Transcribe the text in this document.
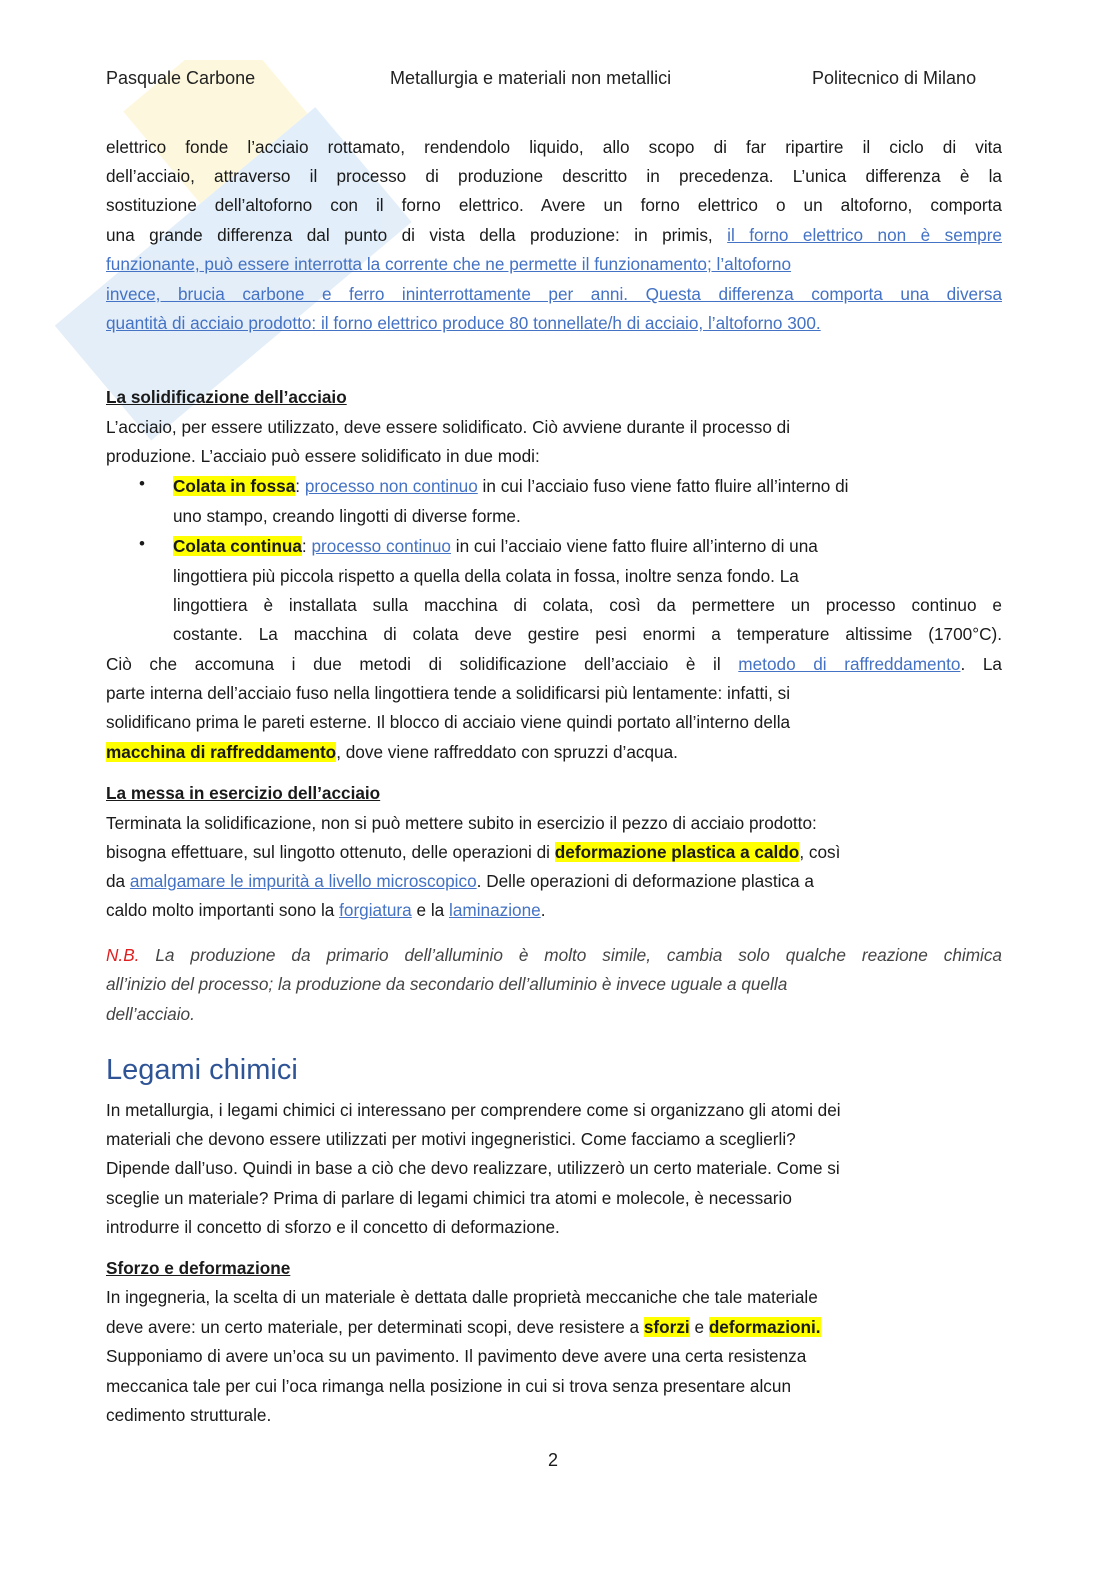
Pasquale Carbone	Metallurgia e materiali non metallici	Politecnico di Milano
elettrico fonde l’acciaio rottamato, rendendolo liquido, allo scopo di far ripartire il ciclo di vita
dell’acciaio, attraverso il processo di produzione descritto in precedenza. L’unica differenza è la
sostituzione dell’altoforno con il forno elettrico. Avere un forno elettrico o un altoforno, comporta
una grande differenza dal punto di vista della produzione: in primis, il forno elettrico non è sempre
funzionante, può essere interrotta la corrente che ne permette il funzionamento; l’altoforno
invece, brucia carbone e ferro ininterrottamente per anni. Questa differenza comporta una diversa
quantità di acciaio prodotto: il forno elettrico produce 80 tonnellate/h di acciaio, l’altoforno 300.
La solidificazione dell’acciaio
L’acciaio, per essere utilizzato, deve essere solidificato. Ciò avviene durante il processo di
produzione. L’acciaio può essere solidificato in due modi:
• Colata in fossa: processo non continuo in cui l’acciaio fuso viene fatto fluire all’interno di
uno stampo, creando lingotti di diverse forme.
• Colata continua: processo continuo in cui l’acciaio viene fatto fluire all’interno di una
lingottiera più piccola rispetto a quella della colata in fossa, inoltre senza fondo. La
lingottiera è installata sulla macchina di colata, così da permettere un processo continuo e
costante. La macchina di colata deve gestire pesi enormi a temperature altissime (1700°C).
Ciò che accomuna i due metodi di solidificazione dell’acciaio è il metodo di raffreddamento. La
parte interna dell’acciaio fuso nella lingottiera tende a solidificarsi più lentamente: infatti, si
solidificano prima le pareti esterne. Il blocco di acciaio viene quindi portato all’interno della
macchina di raffreddamento, dove viene raffreddato con spruzzi d’acqua.
La messa in esercizio dell’acciaio
Terminata la solidificazione, non si può mettere subito in esercizio il pezzo di acciaio prodotto:
bisogna effettuare, sul lingotto ottenuto, delle operazioni di deformazione plastica a caldo, così
da amalgamare le impurità a livello microscopico. Delle operazioni di deformazione plastica a
caldo molto importanti sono la forgiatura e la laminazione.
N.B. La produzione da primario dell’alluminio è molto simile, cambia solo qualche reazione chimica
all’inizio del processo; la produzione da secondario dell’alluminio è invece uguale a quella
dell’acciaio.
In metallurgia, i legami chimici ci interessano per comprendere come si organizzano gli atomi dei
materiali che devono essere utilizzati per motivi ingegneristici. Come facciamo a sceglierli?
Dipende dall’uso. Quindi in base a ciò che devo realizzare, utilizzerò un certo materiale. Come si
sceglie un materiale? Prima di parlare di legami chimici tra atomi e molecole, è necessario
introdurre il concetto di sforzo e il concetto di deformazione.
Sforzo e deformazione
In ingegneria, la scelta di un materiale è dettata dalle proprietà meccaniche che tale materiale
deve avere: un certo materiale, per determinati scopi, deve resistere a sforzi e deformazioni.
Supponiamo di avere un’oca su un pavimento. Il pavimento deve avere una certa resistenza
meccanica tale per cui l’oca rimanga nella posizione in cui si trova senza presentare alcun
cedimento strutturale.
Legami chimici
2
